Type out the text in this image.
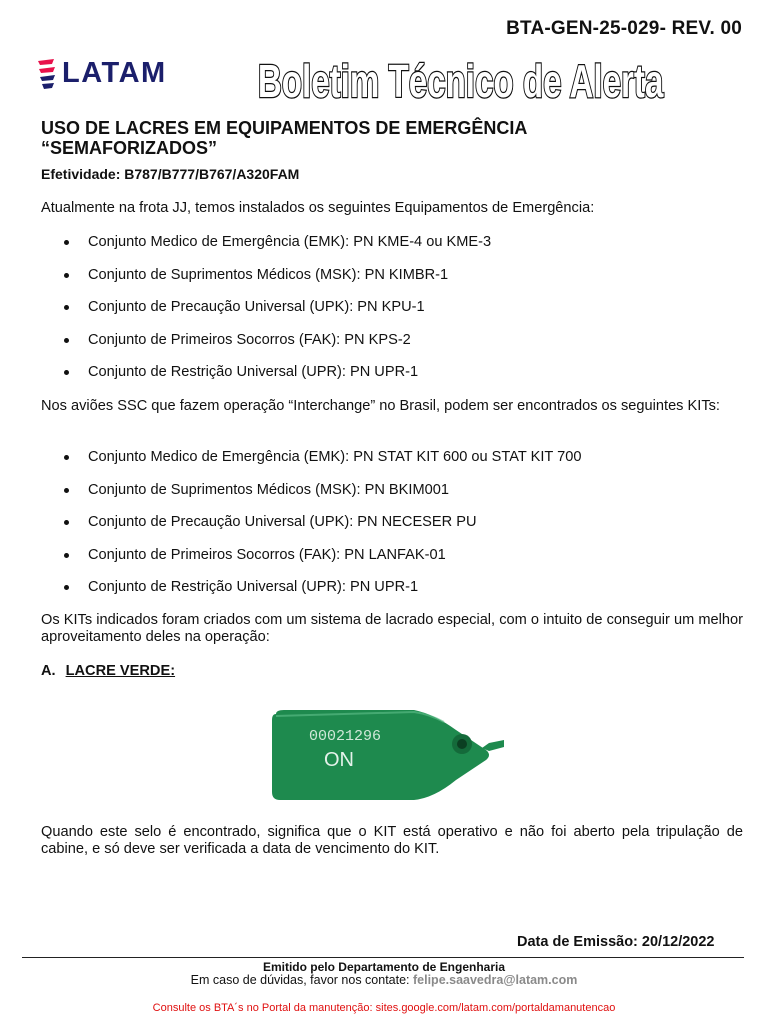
BTA-GEN-25-029- REV. 00
LATAM Boletim Técnico de Alerta
USO DE LACRES EM EQUIPAMENTOS DE EMERGÊNCIA
“SEMAFORIZADOS”
Efetividade: B787/B777/B767/A320FAM
Atualmente na frota JJ, temos instalados os seguintes Equipamentos de Emergência:
Conjunto Medico de Emergência (EMK): PN KME-4 ou KME-3
Conjunto de Suprimentos Médicos (MSK): PN KIMBR-1
Conjunto de Precaução Universal (UPK): PN KPU-1
Conjunto de Primeiros Socorros (FAK): PN KPS-2
Conjunto de Restrição Universal (UPR): PN UPR-1
Nos aviões SSC que fazem operação “Interchange” no Brasil, podem ser encontrados os seguintes KITs:
Conjunto Medico de Emergência (EMK): PN STAT KIT 600 ou STAT KIT 700
Conjunto de Suprimentos Médicos (MSK): PN BKIM001
Conjunto de Precaução Universal (UPK): PN NECESER PU
Conjunto de Primeiros Socorros (FAK): PN LANFAK-01
Conjunto de Restrição Universal (UPR): PN UPR-1
Os KITs indicados foram criados com um sistema de lacrado especial, com o intuito de conseguir um melhor aproveitamento deles na operação:
A. LACRE VERDE:
00021296
ON
Quando este selo é encontrado, significa que o KIT está operativo e não foi aberto pela tripulação de cabine, e só deve ser verificada a data de vencimento do KIT.
Data de Emissão: 20/12/2022
Emitido pelo Departamento de Engenharia
Em caso de dúvidas, favor nos contate: felipe.saavedra@latam.com
Consulte os BTA´s no Portal da manutenção: sites.google.com/latam.com/portaldamanutencao
